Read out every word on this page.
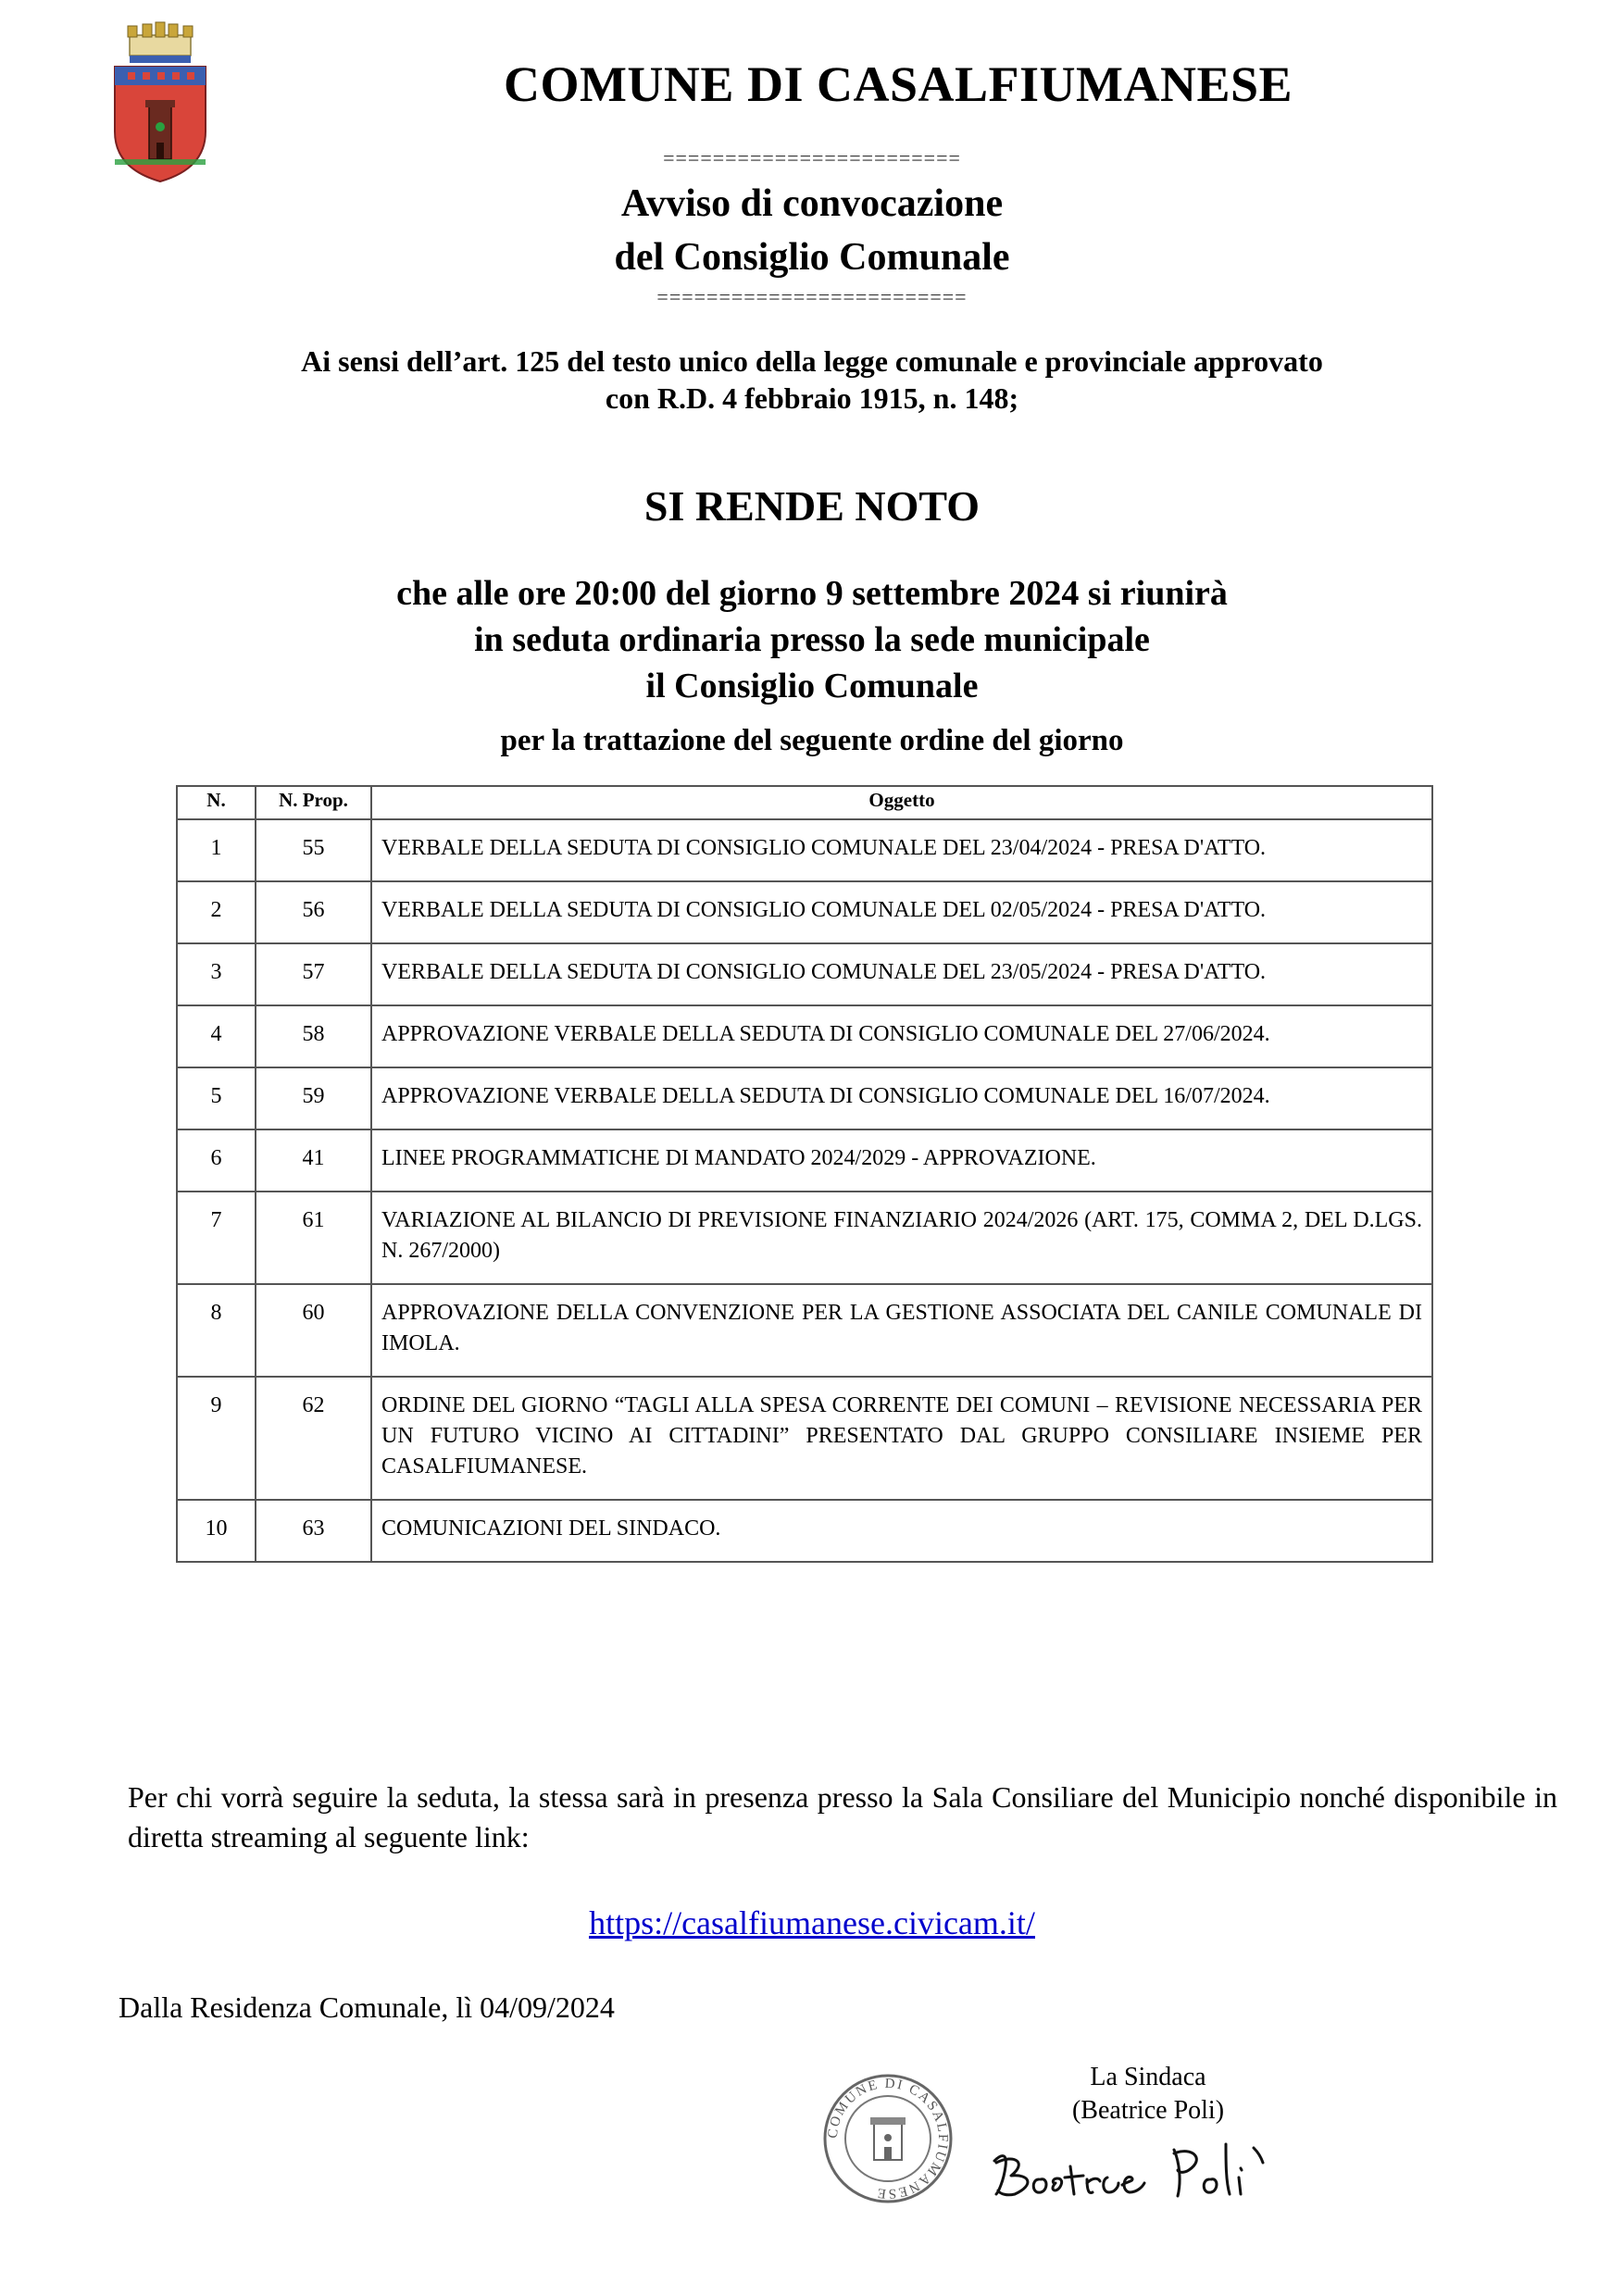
COMUNE DI CASALFIUMANESE
========================
Avviso di convocazione
del Consiglio Comunale
=========================
Ai sensi dell’art. 125 del testo unico della legge comunale e provinciale approvato
con R.D. 4 febbraio 1915, n. 148;
SI RENDE NOTO
che alle ore 20:00 del giorno 9 settembre 2024 si riunirà
in seduta ordinaria presso la sede municipale
il Consiglio Comunale
per la trattazione del seguente ordine del giorno
N.	N. Prop.	Oggetto
1	55	VERBALE DELLA SEDUTA DI CONSIGLIO COMUNALE DEL 23/04/2024 - PRESA D'ATTO.
2	56	VERBALE DELLA SEDUTA DI CONSIGLIO COMUNALE DEL 02/05/2024 - PRESA D'ATTO.
3	57	VERBALE DELLA SEDUTA DI CONSIGLIO COMUNALE DEL 23/05/2024 - PRESA D'ATTO.
4	58	APPROVAZIONE VERBALE DELLA SEDUTA DI CONSIGLIO COMUNALE DEL 27/06/2024.
5	59	APPROVAZIONE VERBALE DELLA SEDUTA DI CONSIGLIO COMUNALE DEL 16/07/2024.
6	41	LINEE PROGRAMMATICHE DI MANDATO 2024/2029 - APPROVAZIONE.
7	61	VARIAZIONE AL BILANCIO DI PREVISIONE FINANZIARIO 2024/2026 (ART. 175, COMMA 2, DEL D.LGS. N. 267/2000)
8	60	APPROVAZIONE DELLA CONVENZIONE PER LA GESTIONE ASSOCIATA DEL CANILE COMUNALE DI IMOLA.
9	62	ORDINE DEL GIORNO “TAGLI ALLA SPESA CORRENTE DEI COMUNI – REVISIONE NECESSARIA PER UN FUTURO VICINO AI CITTADINI” PRESENTATO DAL GRUPPO CONSILIARE INSIEME PER CASALFIUMANESE.
10	63	COMUNICAZIONI DEL SINDACO.
Per chi vorrà seguire la seduta, la stessa sarà in presenza presso la Sala Consiliare del Municipio nonché disponibile in diretta streaming al seguente link:
https://casalfiumanese.civicam.it/
Dalla Residenza Comunale, lì 04/09/2024
COMUNE DI CASALFIUMANESE
La Sindaca
(Beatrice Poli)
Beatrice Poli
